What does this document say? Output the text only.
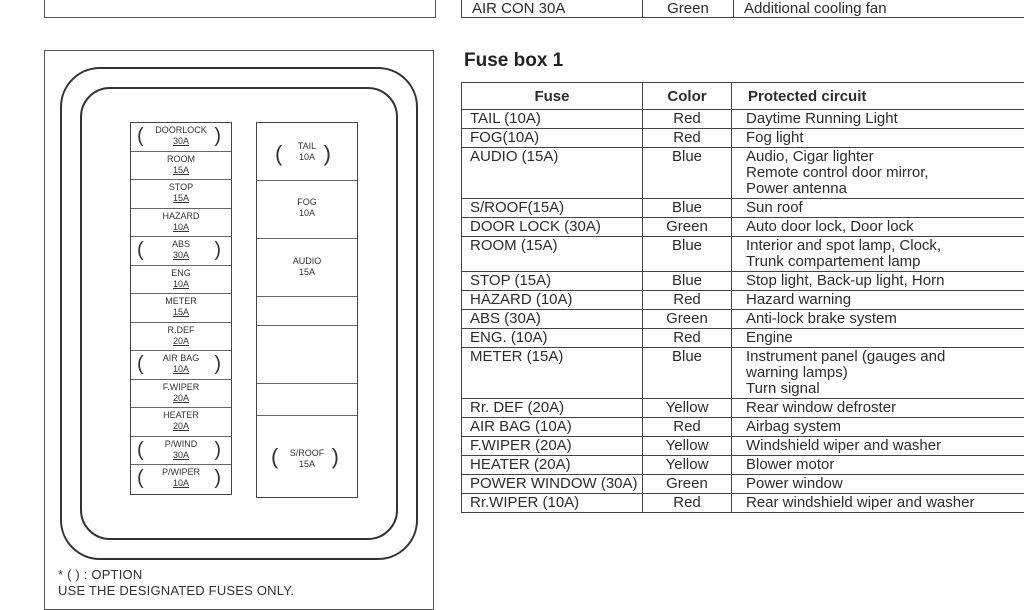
AIR CON 30A	Green	Additional cooling fan
(	DOORLOCK
30A	)
ROOM
15A
STOP
15A
HAZARD
10A
(	ABS
30A	)
ENG
10A
METER
15A
R.DEF
20A
(	AIR BAG
10A	)
F.WIPER
20A
HEATER
20A
(	P/WIND
30A	)
(	P/WIPER
10A	)
(	TAIL
10A )
FOG
10A
AUDIO
15A
(	S/ROOF
15A )
* ( ) : OPTION
USE THE DESIGNATED FUSES ONLY.
Fuse box 1
Fuse	Color	Protected circuit
TAIL (10A)	Red	Daytime Running Light

FOG(10A)	Red	Fog light

AUDIO (15A)	Blue	Audio, Cigar lighter
Remote control door mirror,
Power antenna

S/ROOF(15A)	Blue	Sun roof

DOOR LOCK (30A)	Green	Auto door lock, Door lock

ROOM (15A)	Blue	Interior and spot lamp, Clock,
Trunk compartement lamp

STOP (15A)	Blue	Stop light, Back-up light, Horn

HAZARD (10A)	Red	Hazard warning

ABS (30A)	Green	Anti-lock brake system

ENG. (10A)	Red	Engine

METER (15A)	Blue	Instrument panel (gauges and
warning lamps)
Turn signal

Rr. DEF (20A)	Yellow	Rear window defroster

AIR BAG (10A)	Red	Airbag system

F.WIPER (20A)	Yellow	Windshield wiper and washer

HEATER (20A)	Yellow	Blower motor

POWER WINDOW (30A)	Green	Power window

Rr.WIPER (10A)	Red	Rear windshield wiper and washer
